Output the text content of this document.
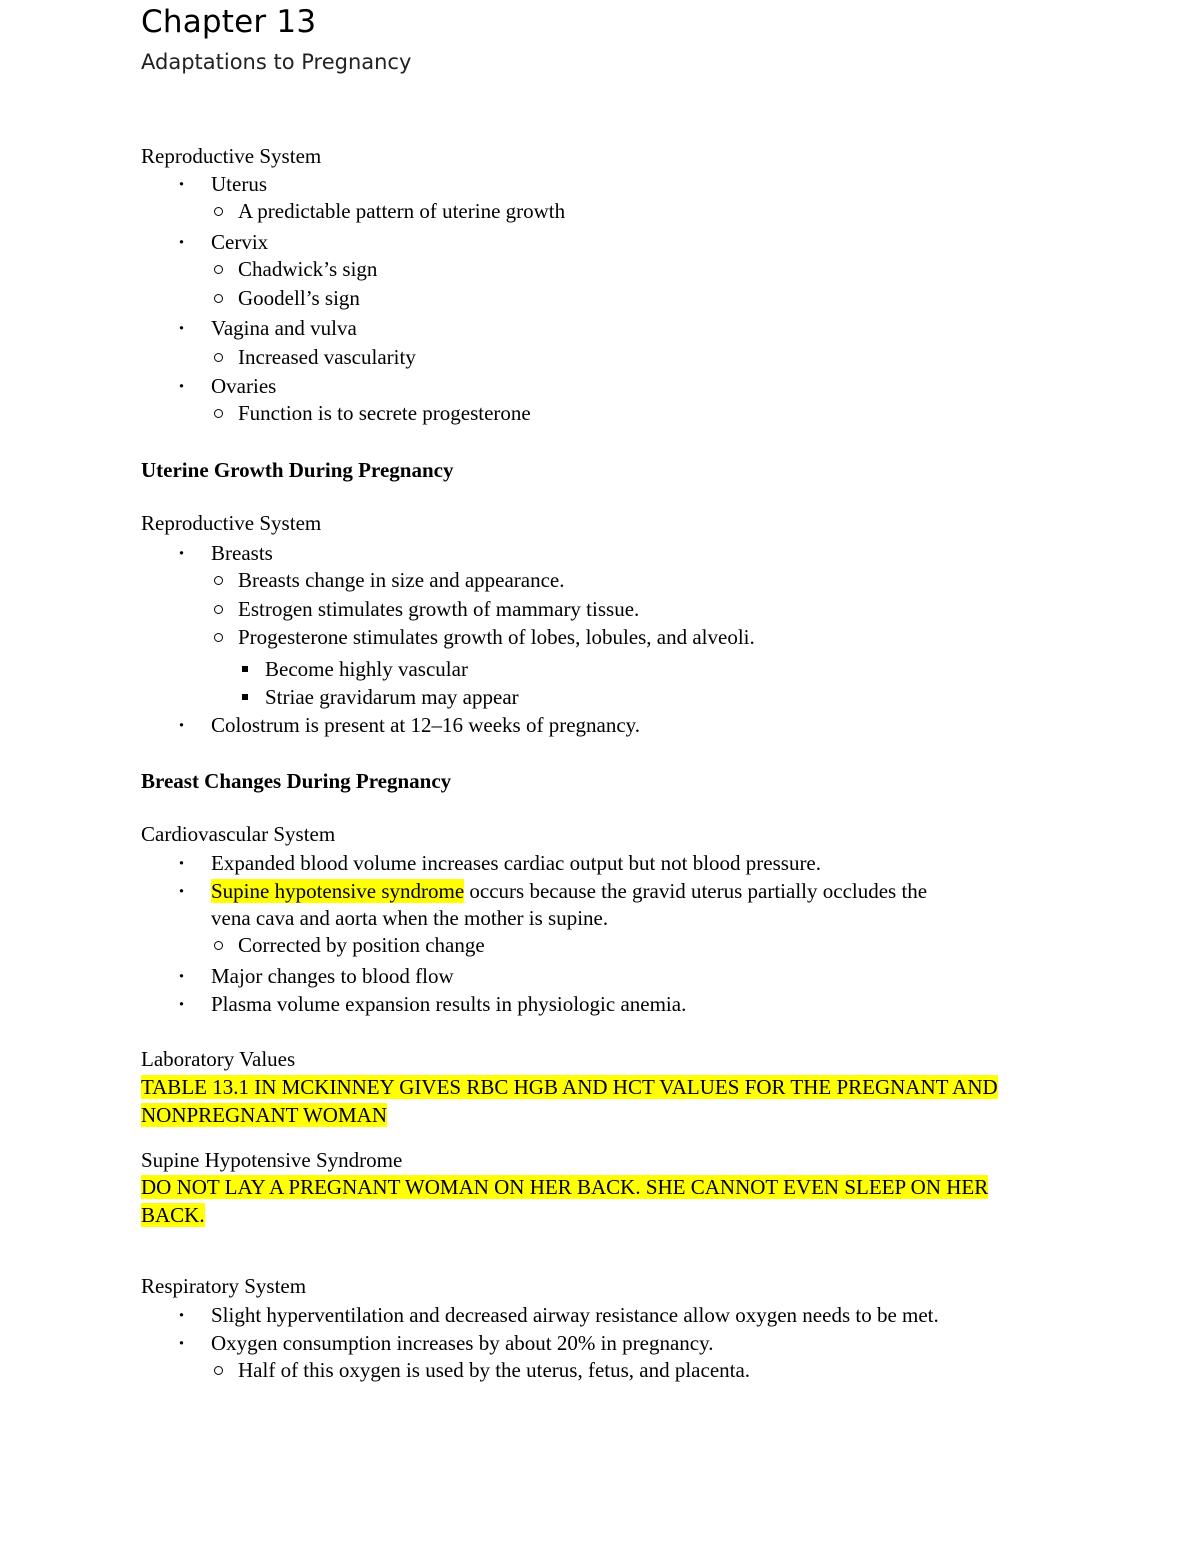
Chapter 13
Adaptations to Pregnancy
Reproductive System
· Uterus
A predictable pattern of uterine growth
· Cervix
Chadwick’s sign
Goodell’s sign
· Vagina and vulva
Increased vascularity
· Ovaries
Function is to secrete progesterone
Uterine Growth During Pregnancy
Reproductive System
· Breasts
Breasts change in size and appearance.
Estrogen stimulates growth of mammary tissue.
Progesterone stimulates growth of lobes, lobules, and alveoli.
Become highly vascular
Striae gravidarum may appear
· Colostrum is present at 12–16 weeks of pregnancy.
Breast Changes During Pregnancy
Cardiovascular System
· Expanded blood volume increases cardiac output but not blood pressure.
· Supine hypotensive syndrome occurs because the gravid uterus partially occludes the
vena cava and aorta when the mother is supine.
Corrected by position change
· Major changes to blood flow
· Plasma volume expansion results in physiologic anemia.
Laboratory Values
TABLE 13.1 IN MCKINNEY GIVES RBC HGB AND HCT VALUES FOR THE PREGNANT AND NONPREGNANT WOMAN
Supine Hypotensive Syndrome
DO NOT LAY A PREGNANT WOMAN ON HER BACK. SHE CANNOT EVEN SLEEP ON HER BACK.
Respiratory System
· Slight hyperventilation and decreased airway resistance allow oxygen needs to be met.
· Oxygen consumption increases by about 20% in pregnancy.
Half of this oxygen is used by the uterus, fetus, and placenta.
